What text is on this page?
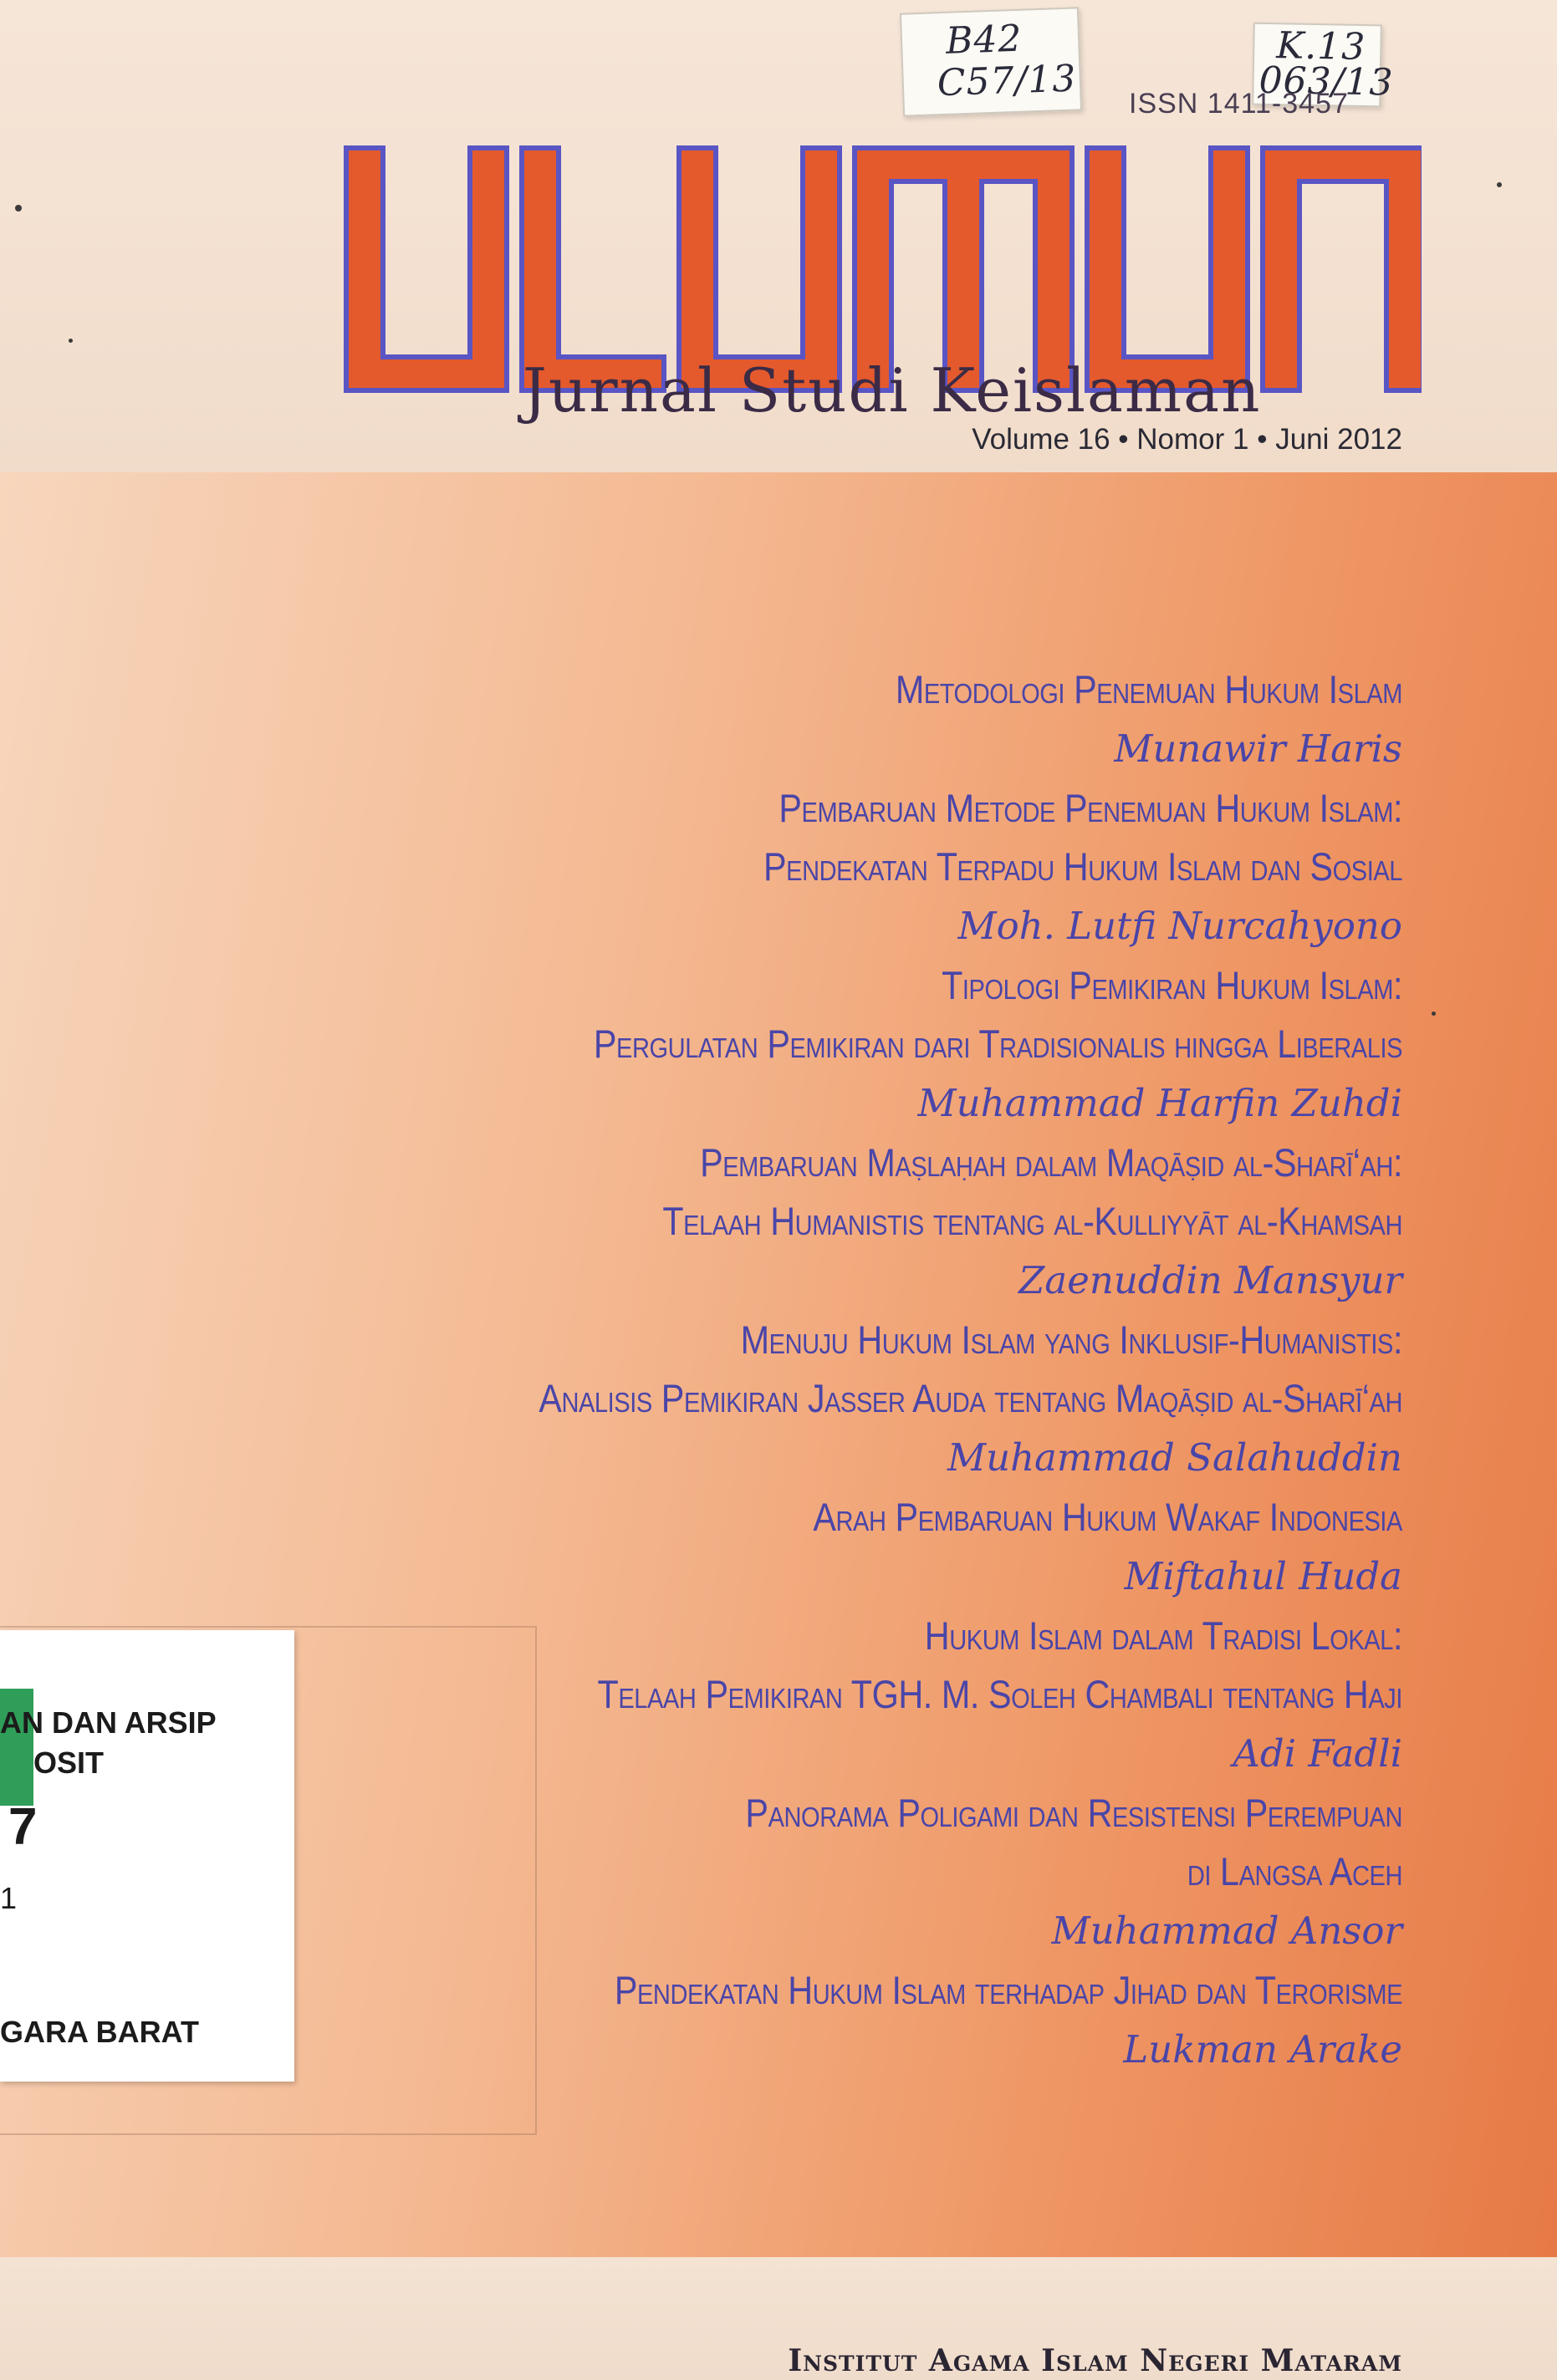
B42
C57/13
K.13
063/13
ISSN 1411-3457
Jurnal Studi Keislaman
Volume 16 • Nomor 1 • Juni 2012
Metodologi Penemuan Hukum Islam
Munawir Haris
Pembaruan Metode Penemuan Hukum Islam:
Pendekatan Terpadu Hukum Islam dan Sosial
Moh. Lutfi Nurcahyono
Tipologi Pemikiran Hukum Islam:
Pergulatan Pemikiran dari Tradisionalis hingga Liberalis
Muhammad Harfin Zuhdi
Pembaruan Maṣlaḥah dalam Maqāṣid al-Sharī‘ah:
Telaah Humanistis tentang al-Kulliyyāt al-Khamsah
Zaenuddin Mansyur
Menuju Hukum Islam yang Inklusif-Humanistis:
Analisis Pemikiran Jasser Auda tentang Maqāṣid al-Sharī‘ah
Muhammad Salahuddin
Arah Pembaruan Hukum Wakaf Indonesia
Miftahul Huda
Hukum Islam dalam Tradisi Lokal:
Telaah Pemikiran TGH. M. Soleh Chambali tentang Haji
Adi Fadli
Panorama Poligami dan Resistensi Perempuan
di Langsa Aceh
Muhammad Ansor
Pendekatan Hukum Islam terhadap Jihad dan Terorisme
Lukman Arake
AN DAN ARSIP
OSIT
7
1
GARA BARAT
Institut Agama Islam Negeri Mataram
